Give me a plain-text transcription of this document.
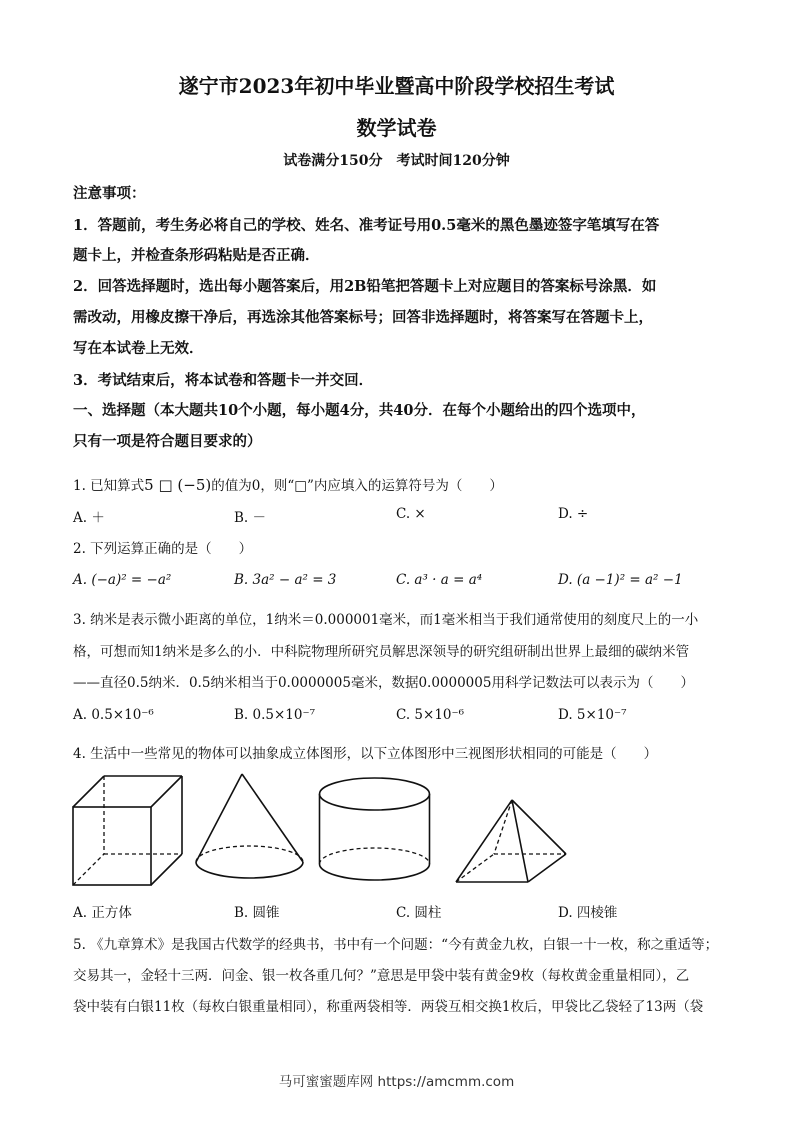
遂宁市2023年初中毕业暨高中阶段学校招生考试
数学试卷
试卷满分150分　考试时间120分钟
注意事项：
1．答题前，考生务必将自己的学校、姓名、准考证号用0.5毫米的黑色墨迹签字笔填写在答
题卡上，并检查条形码粘贴是否正确．
2．回答选择题时，选出每小题答案后，用2B铅笔把答题卡上对应题目的答案标号涂黑．如
需改动，用橡皮擦干净后，再选涂其他答案标号；回答非选择题时，将答案写在答题卡上，
写在本试卷上无效．
3．考试结束后，将本试卷和答题卡一并交回．
一、选择题（本大题共10个小题，每小题4分，共40分．在每个小题给出的四个选项中，
只有一项是符合题目要求的）
1. 已知算式5 □ (−5)的值为0，则“□”内应填入的运算符号为（　　）
A. ＋	B. －	C. ×	D. ÷
2. 下列运算正确的是（　　）
A. (−a)² = −a²	B. 3a² − a² = 3	C. a³ · a = a⁴	D. (a −1)² = a² −1
3. 纳米是表示微小距离的单位，1纳米＝0.000001毫米，而1毫米相当于我们通常使用的刻度尺上的一小
格，可想而知1纳米是多么的小．中科院物理所研究员解思深领导的研究组研制出世界上最细的碳纳米管
——直径0.5纳米．0.5纳米相当于0.0000005毫米，数据0.0000005用科学记数法可以表示为（　　）
A. 0.5×10⁻⁶	B. 0.5×10⁻⁷	C. 5×10⁻⁶	D. 5×10⁻⁷
4. 生活中一些常见的物体可以抽象成立体图形，以下立体图形中三视图形状相同的可能是（　　）
A. 正方体	B. 圆锥	C. 圆柱	D. 四棱锥
5. 《九章算术》是我国古代数学的经典书，书中有一个问题：“今有黄金九枚，白银一十一枚，称之重适等；
交易其一，金轻十三两．问金、银一枚各重几何？”意思是甲袋中装有黄金9枚（每枚黄金重量相同），乙
袋中装有白银11枚（每枚白银重量相同），称重两袋相等．两袋互相交换1枚后，甲袋比乙袋轻了13两（袋
马可蜜蜜题库网 https://amcmm.com
